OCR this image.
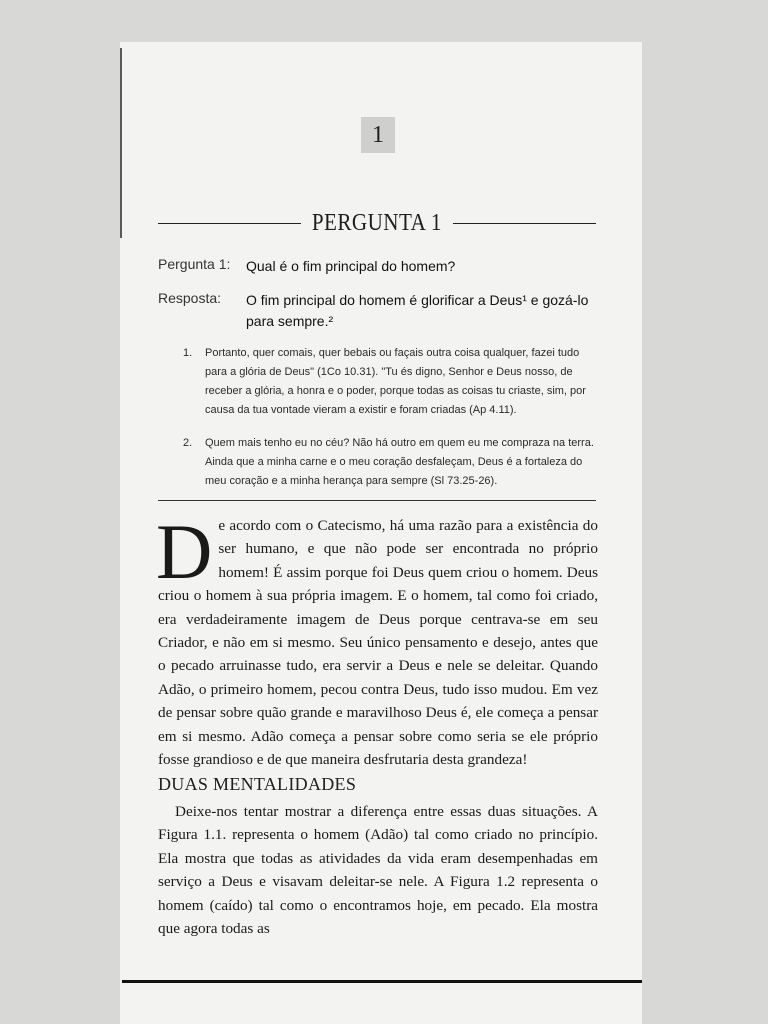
1
PERGUNTA 1
Pergunta 1: Qual é o fim principal do homem?
Resposta: O fim principal do homem é glorificar a Deus¹ e gozá-lo para sempre.²
1. Portanto, quer comais, quer bebais ou façais outra coisa qualquer, fazei tudo para a glória de Deus" (1Co 10.31). "Tu és digno, Senhor e Deus nosso, de receber a glória, a honra e o poder, porque todas as coisas tu criaste, sim, por causa da tua vontade vieram a existir e foram criadas (Ap 4.11).
2. Quem mais tenho eu no céu? Não há outro em quem eu me compraza na terra. Ainda que a minha carne e o meu coração desfaleçam, Deus é a fortaleza do meu coração e a minha herança para sempre (Sl 73.25-26).
De acordo com o Catecismo, há uma razão para a existência do ser humano, e que não pode ser encontrada no próprio homem! É assim porque foi Deus quem criou o homem. Deus criou o homem à sua própria imagem. E o homem, tal como foi criado, era verdadeiramente imagem de Deus porque centrava-se em seu Criador, e não em si mesmo. Seu único pensamento e desejo, antes que o pecado arruinasse tudo, era servir a Deus e nele se deleitar. Quando Adão, o primeiro homem, pecou contra Deus, tudo isso mudou. Em vez de pensar sobre quão grande e maravilhoso Deus é, ele começa a pensar em si mesmo. Adão começa a pensar sobre como seria se ele próprio fosse grandioso e de que maneira desfrutaria desta grandeza!
DUAS MENTALIDADES
Deixe-nos tentar mostrar a diferença entre essas duas situações. A Figura 1.1. representa o homem (Adão) tal como criado no princípio. Ela mostra que todas as atividades da vida eram desempenhadas em serviço a Deus e visavam deleitar-se nele. A Figura 1.2 representa o homem (caído) tal como o encontramos hoje, em pecado. Ela mostra que agora todas as
